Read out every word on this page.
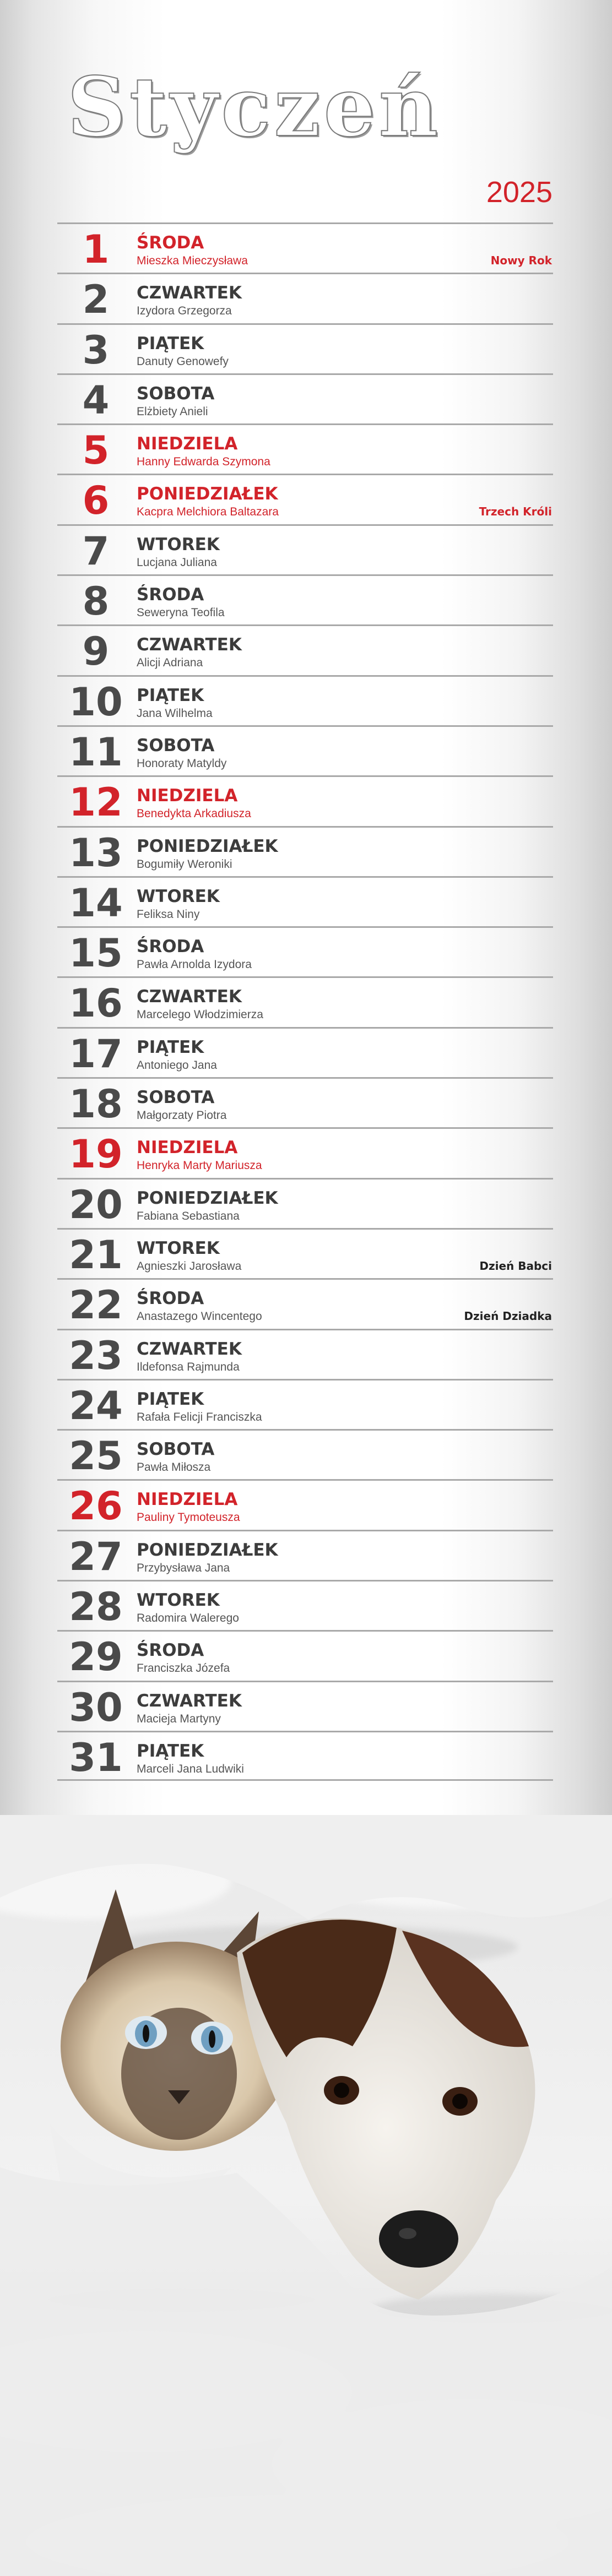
Styczeń
2025
1	ŚRODA
Mieszka Mieczysława	Nowy Rok
2	CZWARTEK
Izydora Grzegorza
3	PIĄTEK
Danuty Genowefy
4	SOBOTA
Elżbiety Anieli
5	NIEDZIELA
Hanny Edwarda Szymona
6	PONIEDZIAŁEK
Kacpra Melchiora Baltazara	Trzech Króli
7	WTOREK
Lucjana Juliana
8	ŚRODA
Seweryna Teofila
9	CZWARTEK
Alicji Adriana
10 PIĄTEK
Jana Wilhelma
11 SOBOTA
Honoraty Matyldy
12 NIEDZIELA
Benedykta Arkadiusza
13 PONIEDZIAŁEK
Bogumiły Weroniki
14 WTOREK
Feliksa Niny
15 ŚRODA
Pawła Arnolda Izydora
16 CZWARTEK
Marcelego Włodzimierza
17 PIĄTEK
Antoniego Jana
18 SOBOTA
Małgorzaty Piotra
19 NIEDZIELA
Henryka Marty Mariusza
20 PONIEDZIAŁEK
Fabiana Sebastiana
21 WTOREK
Agnieszki Jarosława	Dzień Babci
22 ŚRODA
Anastazego Wincentego	Dzień Dziadka
23 CZWARTEK
Ildefonsa Rajmunda
24 PIĄTEK
Rafała Felicji Franciszka
25 SOBOTA
Pawła Miłosza
26 NIEDZIELA
Pauliny Tymoteusza
27 PONIEDZIAŁEK
Przybysława Jana
28 WTOREK
Radomira Walerego
29 ŚRODA
Franciszka Józefa
30 CZWARTEK
Macieja Martyny
31 PIĄTEK
Marceli Jana Ludwiki
